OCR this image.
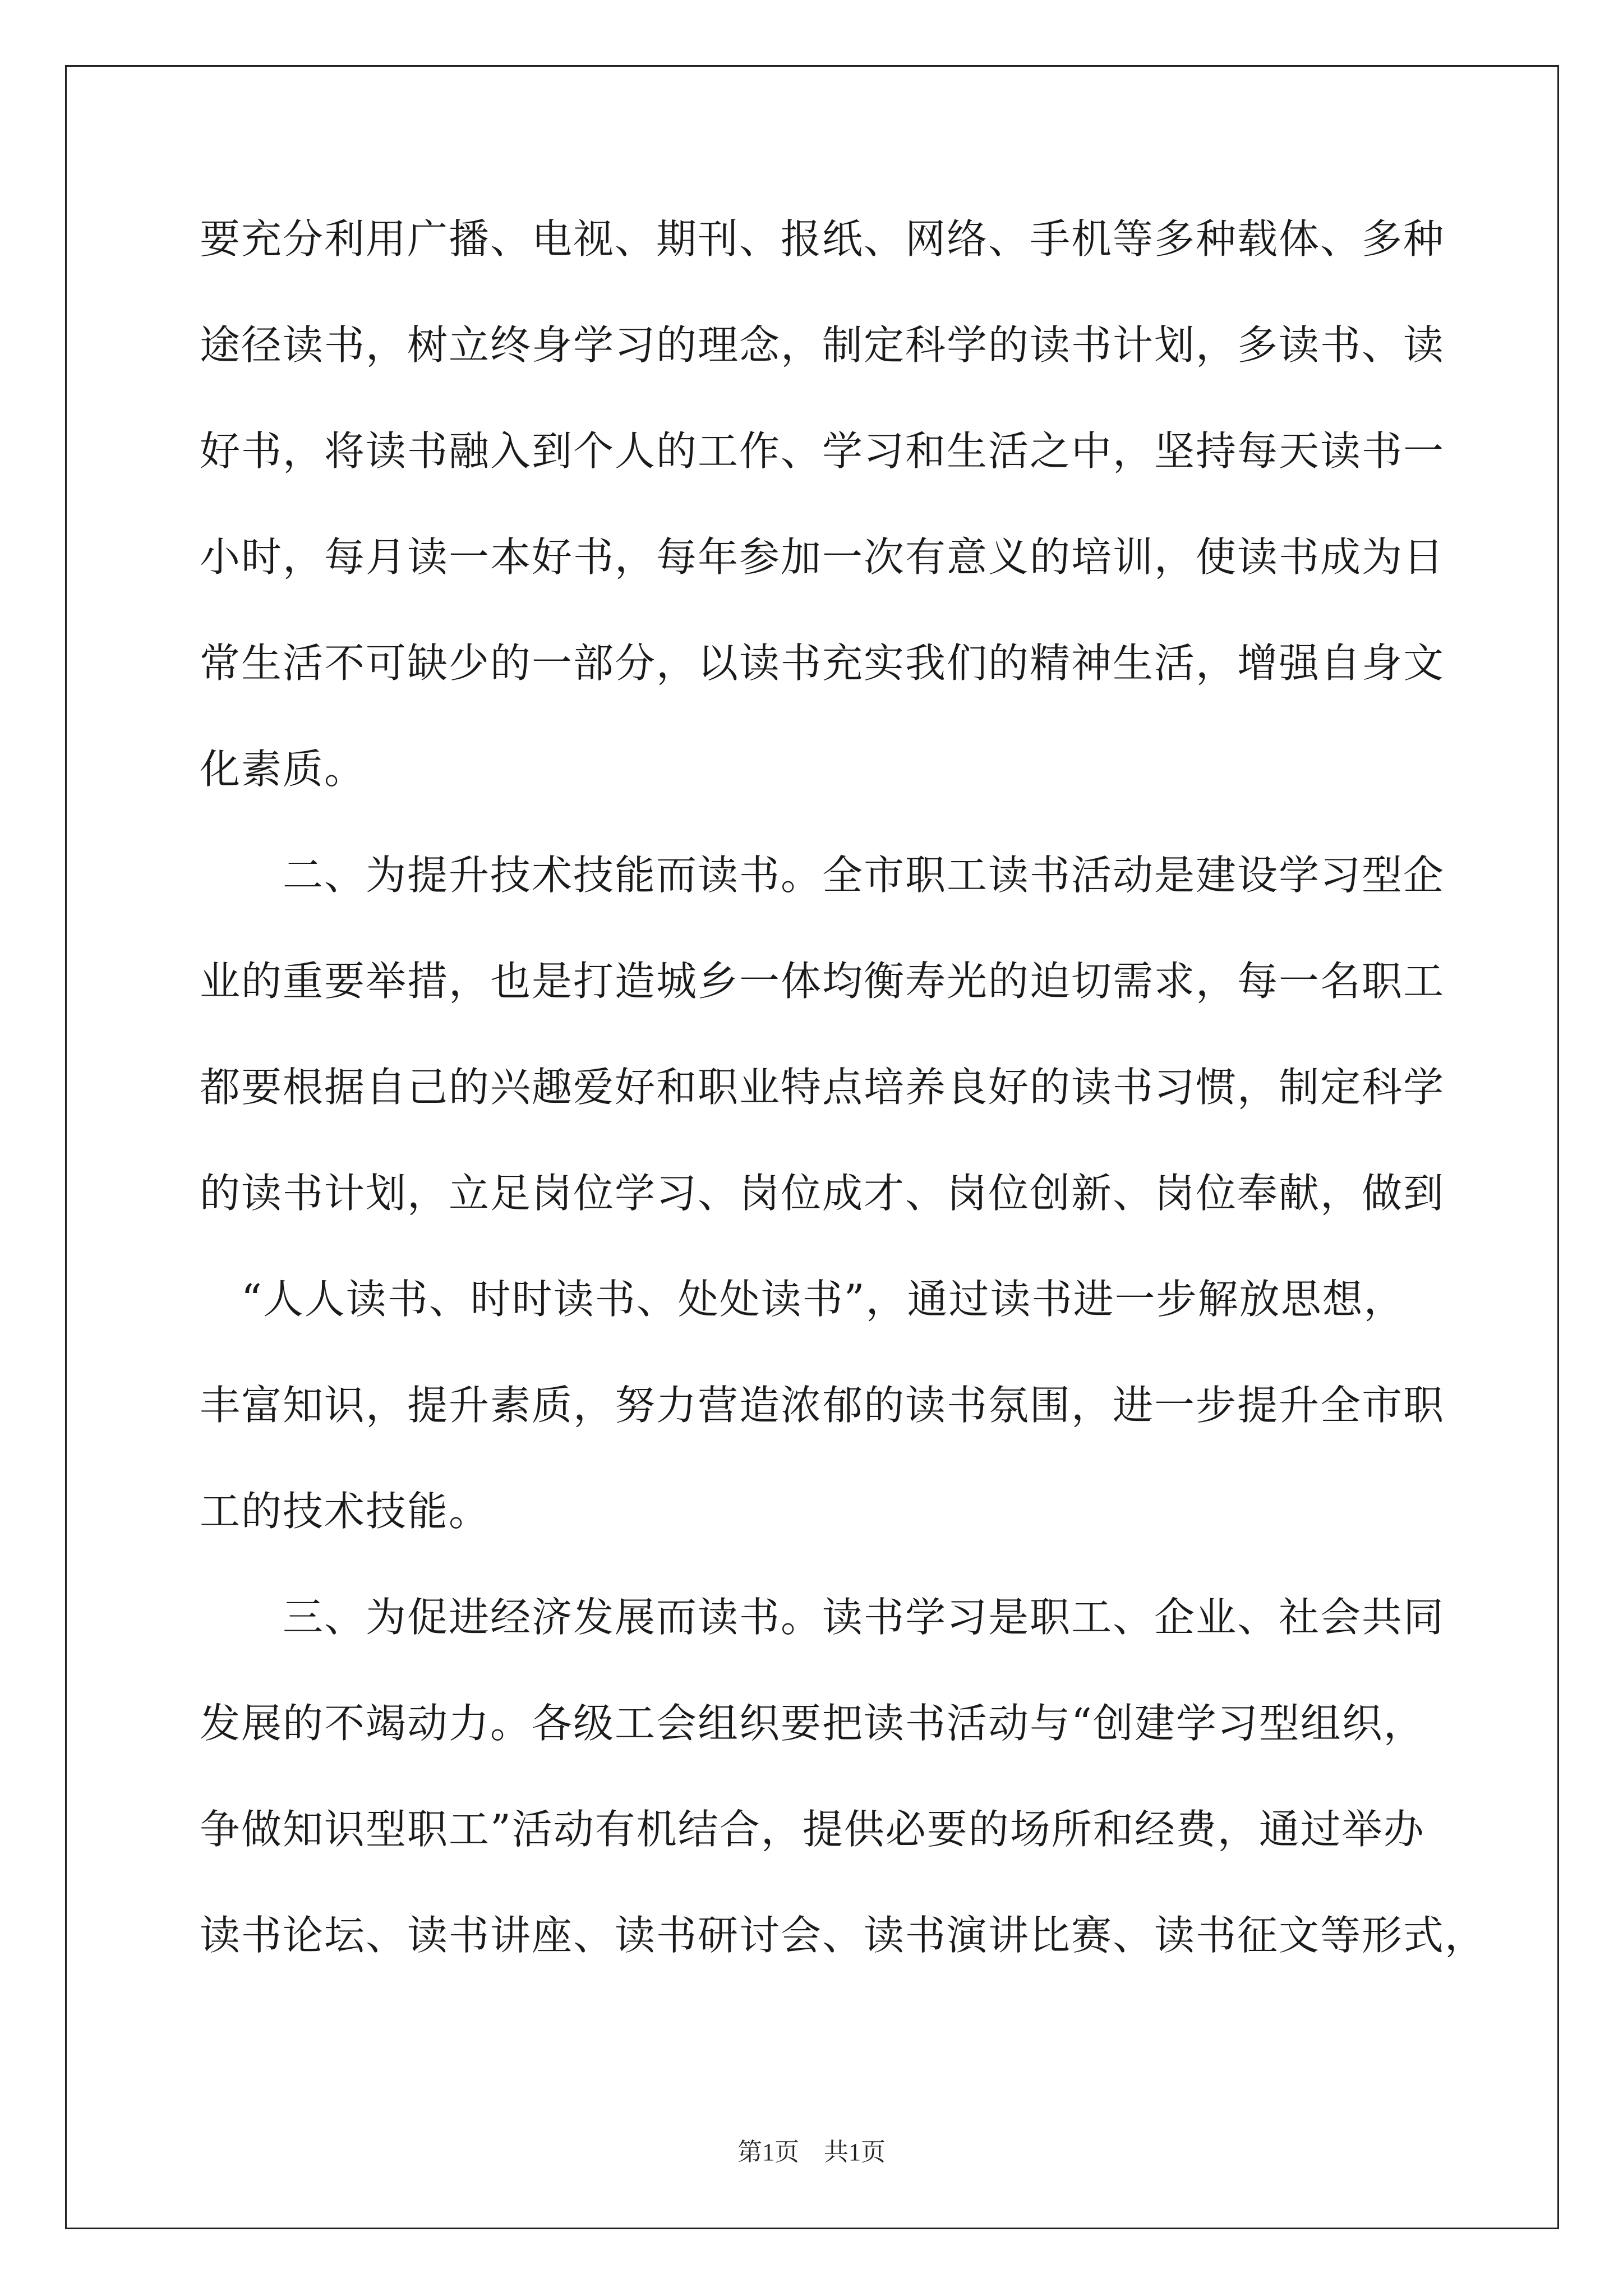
要充分利用广播、电视、期刊、报纸、网络、手机等多种载体、多种
途径读书，树立终身学习的理念，制定科学的读书计划，多读书、读
好书，将读书融入到个人的工作、学习和生活之中，坚持每天读书一
小时，每月读一本好书，每年参加一次有意义的培训，使读书成为日
常生活不可缺少的一部分，以读书充实我们的精神生活，增强自身文
化素质。
　　二、为提升技术技能而读书。全市职工读书活动是建设学习型企
业的重要举措，也是打造城乡一体均衡寿光的迫切需求，每一名职工
都要根据自己的兴趣爱好和职业特点培养良好的读书习惯，制定科学
的读书计划，立足岗位学习、岗位成才、岗位创新、岗位奉献，做到
　“人人读书、时时读书、处处读书”，通过读书进一步解放思想，
丰富知识，提升素质，努力营造浓郁的读书氛围，进一步提升全市职
工的技术技能。
　　三、为促进经济发展而读书。读书学习是职工、企业、社会共同
发展的不竭动力。各级工会组织要把读书活动与“创建学习型组织，
争做知识型职工”活动有机结合，提供必要的场所和经费，通过举办
读书论坛、读书讲座、读书研讨会、读书演讲比赛、读书征文等形式，
第1页　共1页
